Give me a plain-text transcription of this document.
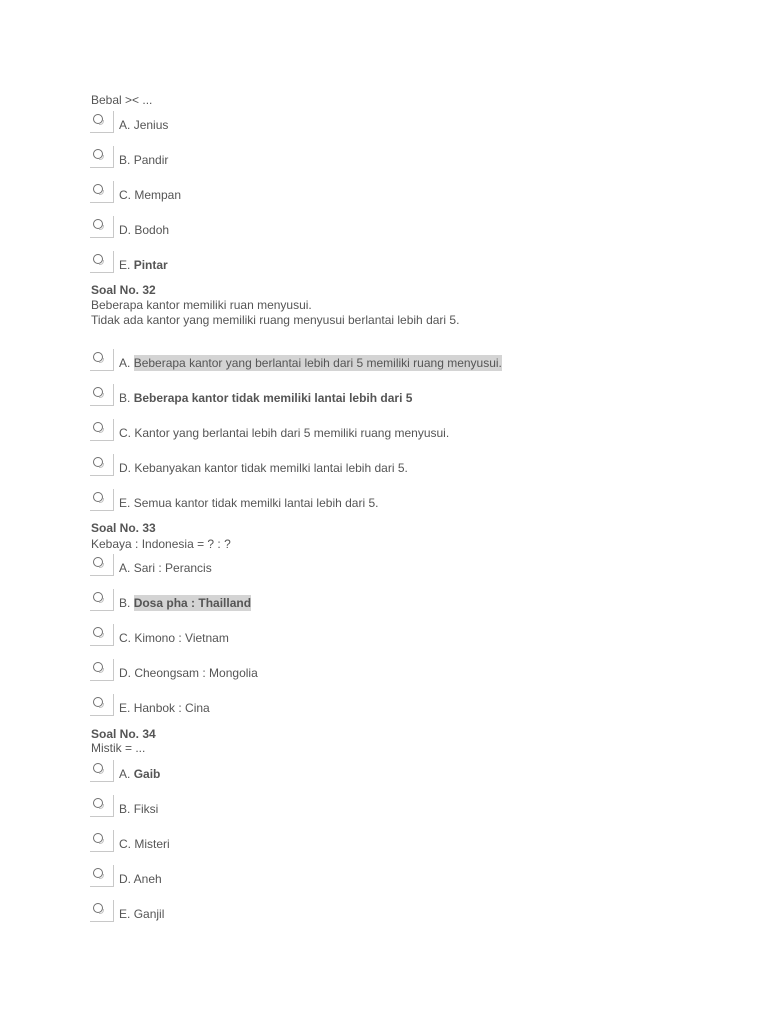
Bebal >< ...
A. Jenius
B. Pandir
C. Mempan
D. Bodoh
E. Pintar
Soal No. 32
Beberapa kantor memiliki ruan menyusui.
Tidak ada kantor yang memiliki ruang menyusui berlantai lebih dari 5.
A. Beberapa kantor yang berlantai lebih dari 5 memiliki ruang menyusui.
B. Beberapa kantor tidak memiliki lantai lebih dari 5
C. Kantor yang berlantai lebih dari 5 memiliki ruang menyusui.
D. Kebanyakan kantor tidak memilki lantai lebih dari 5.
E. Semua kantor tidak memilki lantai lebih dari 5.
Soal No. 33
Kebaya : Indonesia = ? : ?
A. Sari : Perancis
B. Dosa pha : Thailland
C. Kimono : Vietnam
D. Cheongsam : Mongolia
E. Hanbok : Cina
Soal No. 34
Mistik = ...
A. Gaib
B. Fiksi
C. Misteri
D. Aneh
E. Ganjil
